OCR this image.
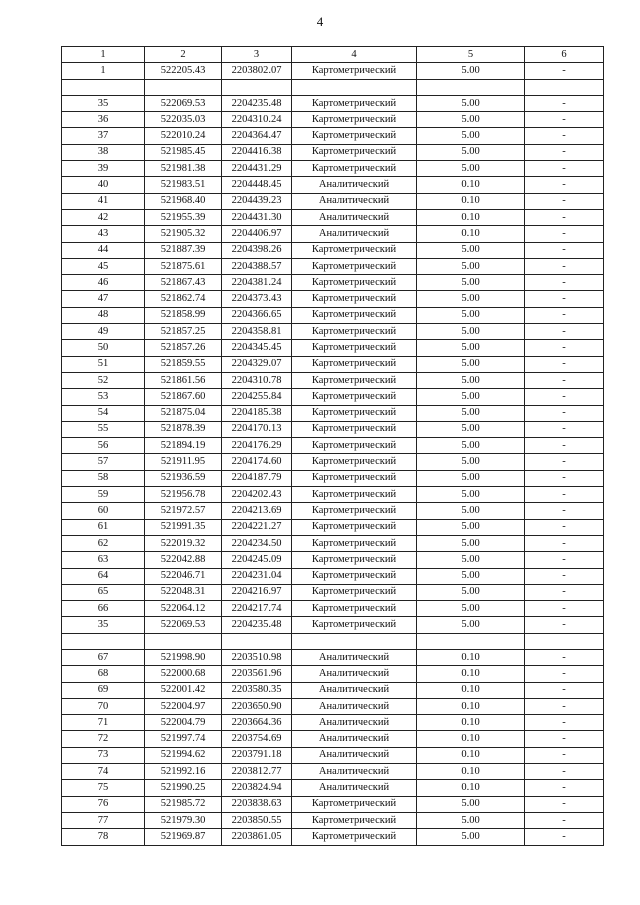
4
1	2	3	4	5	6
1	522205.43	2203802.07	Картометрический	5.00	-

35	522069.53	2204235.48	Картометрический	5.00	-
36	522035.03	2204310.24	Картометрический	5.00	-
37	522010.24	2204364.47	Картометрический	5.00	-
38	521985.45	2204416.38	Картометрический	5.00	-
39	521981.38	2204431.29	Картометрический	5.00	-
40	521983.51	2204448.45	Аналитический	0.10	-
41	521968.40	2204439.23	Аналитический	0.10	-
42	521955.39	2204431.30	Аналитический	0.10	-
43	521905.32	2204406.97	Аналитический	0.10	-
44	521887.39	2204398.26	Картометрический	5.00	-
45	521875.61	2204388.57	Картометрический	5.00	-
46	521867.43	2204381.24	Картометрический	5.00	-
47	521862.74	2204373.43	Картометрический	5.00	-
48	521858.99	2204366.65	Картометрический	5.00	-
49	521857.25	2204358.81	Картометрический	5.00	-
50	521857.26	2204345.45	Картометрический	5.00	-
51	521859.55	2204329.07	Картометрический	5.00	-
52	521861.56	2204310.78	Картометрический	5.00	-
53	521867.60	2204255.84	Картометрический	5.00	-
54	521875.04	2204185.38	Картометрический	5.00	-
55	521878.39	2204170.13	Картометрический	5.00	-
56	521894.19	2204176.29	Картометрический	5.00	-
57	521911.95	2204174.60	Картометрический	5.00	-
58	521936.59	2204187.79	Картометрический	5.00	-
59	521956.78	2204202.43	Картометрический	5.00	-
60	521972.57	2204213.69	Картометрический	5.00	-
61	521991.35	2204221.27	Картометрический	5.00	-
62	522019.32	2204234.50	Картометрический	5.00	-
63	522042.88	2204245.09	Картометрический	5.00	-
64	522046.71	2204231.04	Картометрический	5.00	-
65	522048.31	2204216.97	Картометрический	5.00	-
66	522064.12	2204217.74	Картометрический	5.00	-
35	522069.53	2204235.48	Картометрический	5.00	-

67	521998.90	2203510.98	Аналитический	0.10	-
68	522000.68	2203561.96	Аналитический	0.10	-
69	522001.42	2203580.35	Аналитический	0.10	-
70	522004.97	2203650.90	Аналитический	0.10	-
71	522004.79	2203664.36	Аналитический	0.10	-
72	521997.74	2203754.69	Аналитический	0.10	-
73	521994.62	2203791.18	Аналитический	0.10	-
74	521992.16	2203812.77	Аналитический	0.10	-
75	521990.25	2203824.94	Аналитический	0.10	-
76	521985.72	2203838.63	Картометрический	5.00	-
77	521979.30	2203850.55	Картометрический	5.00	-
78	521969.87	2203861.05	Картометрический	5.00	-
